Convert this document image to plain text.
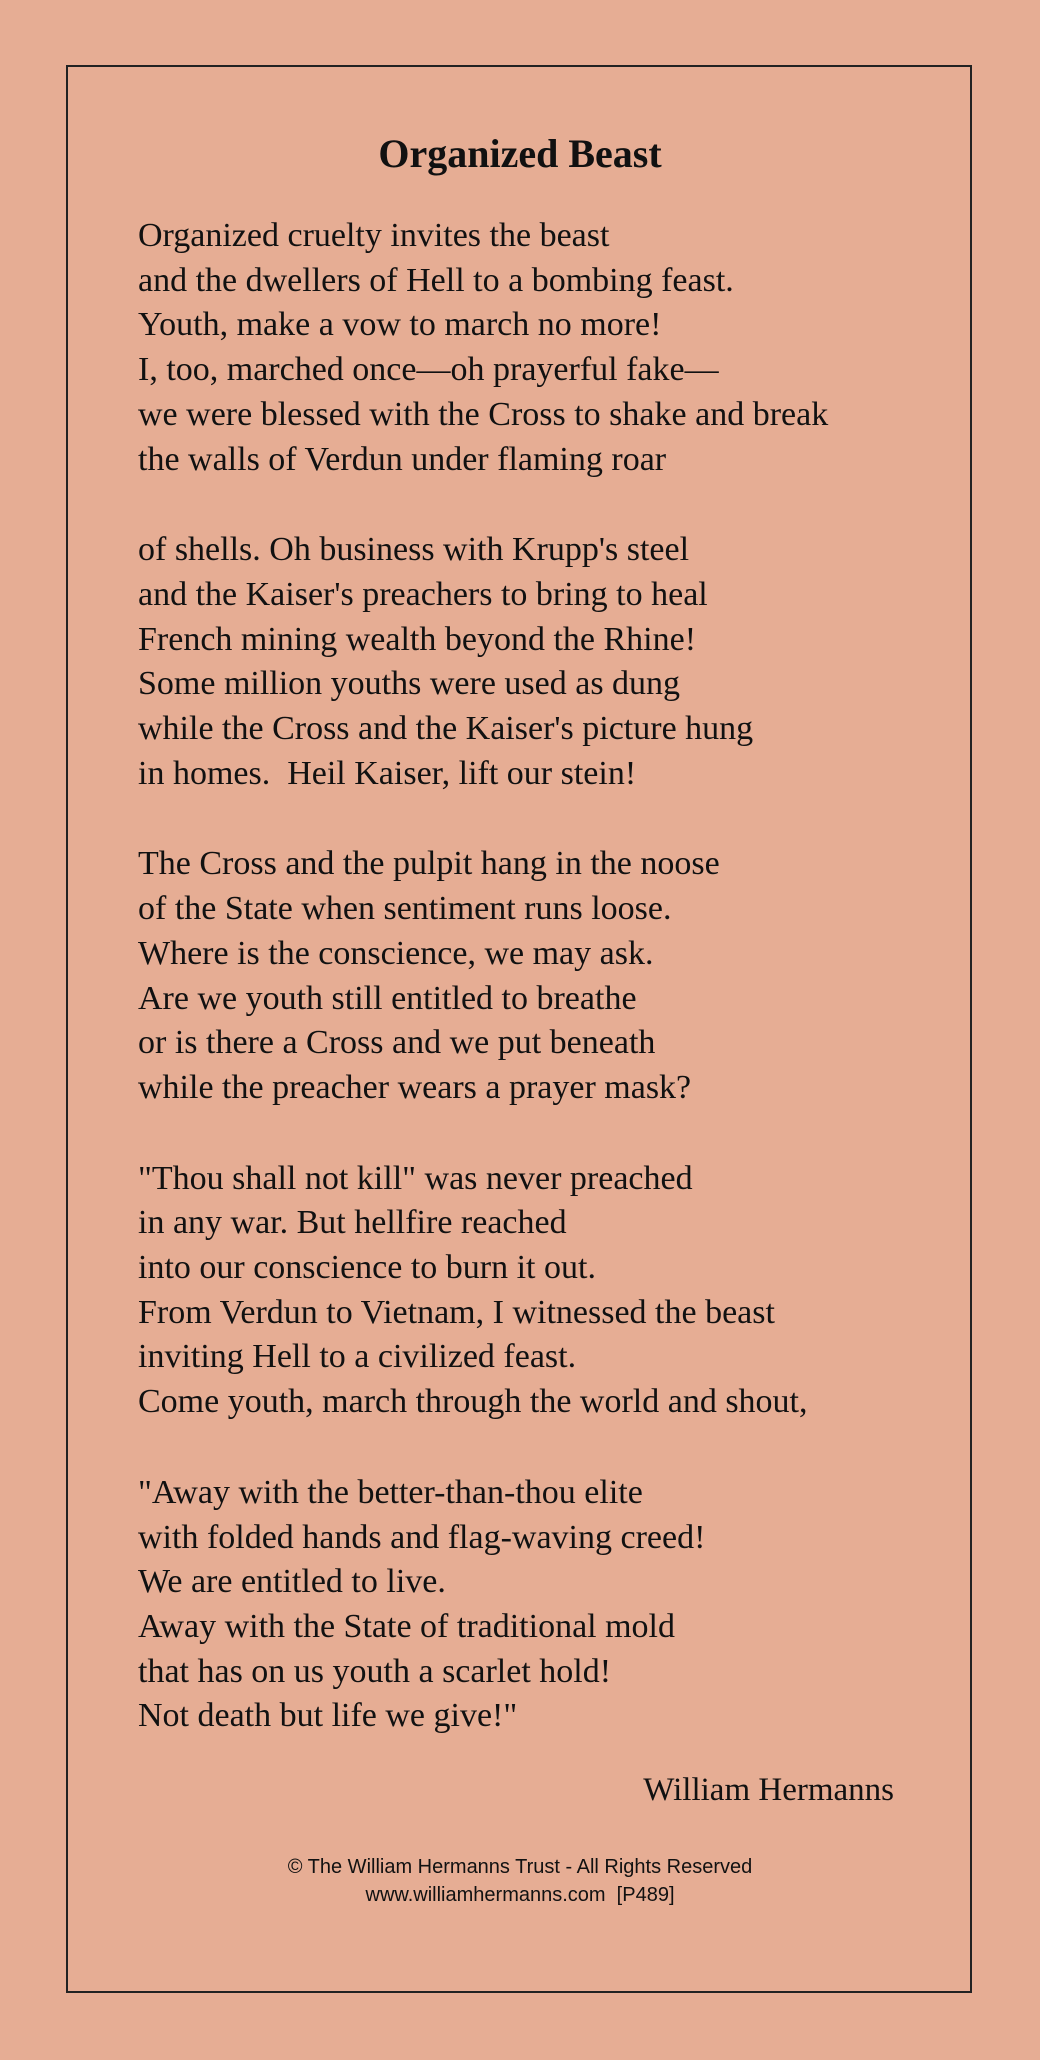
Organized Beast
Organized cruelty invites the beast
and the dwellers of Hell to a bombing feast.
Youth, make a vow to march no more!
I, too, marched once—oh prayerful fake—
we were blessed with the Cross to shake and break
the walls of Verdun under flaming roar
of shells. Oh business with Krupp's steel
and the Kaiser's preachers to bring to heal
French mining wealth beyond the Rhine!
Some million youths were used as dung
while the Cross and the Kaiser's picture hung
in homes.  Heil Kaiser, lift our stein!
The Cross and the pulpit hang in the noose
of the State when sentiment runs loose.
Where is the conscience, we may ask.
Are we youth still entitled to breathe
or is there a Cross and we put beneath
while the preacher wears a prayer mask?
"Thou shall not kill" was never preached
in any war. But hellfire reached
into our conscience to burn it out.
From Verdun to Vietnam, I witnessed the beast
inviting Hell to a civilized feast.
Come youth, march through the world and shout,
"Away with the better-than-thou elite
with folded hands and flag-waving creed!
We are entitled to live.
Away with the State of traditional mold
that has on us youth a scarlet hold!
Not death but life we give!"
William Hermanns
© The William Hermanns Trust - All Rights Reserved
www.williamhermanns.com  [P489]
